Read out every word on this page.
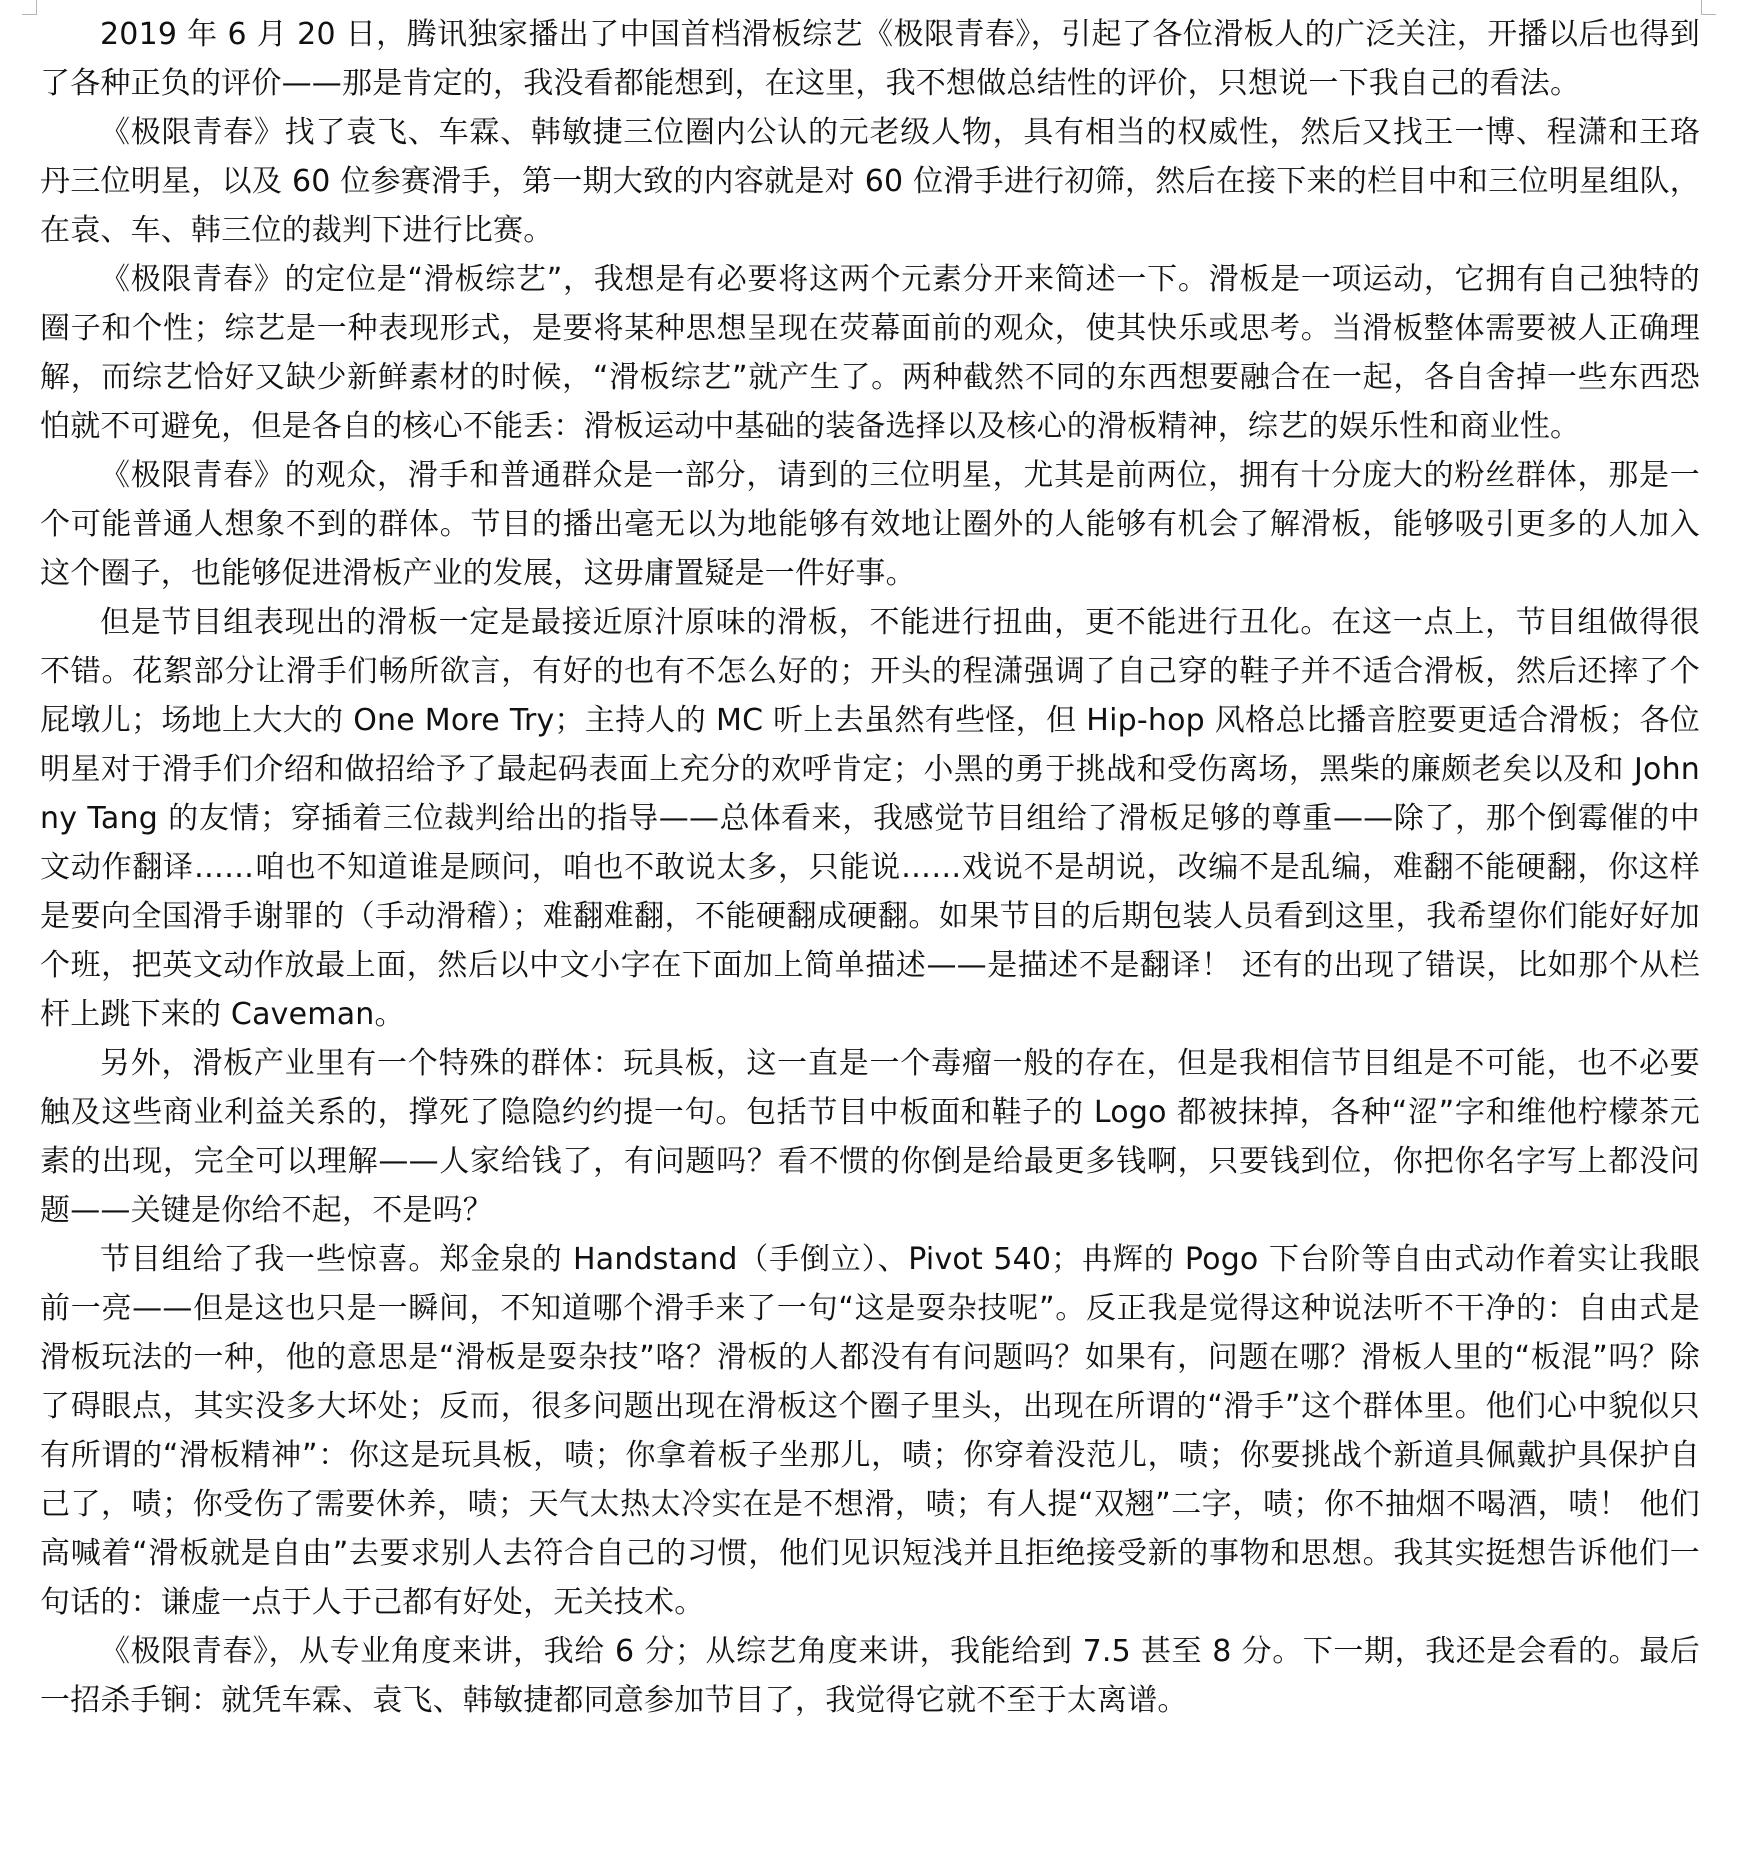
2019 年 6 月 20 日，腾讯独家播出了中国首档滑板综艺《极限青春》，引起了各位滑板人的广泛关注，开播以后也得到了各种正负的评价——那是肯定的，我没看都能想到，在这里，我不想做总结性的评价，只想说一下我自己的看法。

《极限青春》找了袁飞、车霖、韩敏捷三位圈内公认的元老级人物，具有相当的权威性，然后又找王一博、程潇和王珞丹三位明星，以及 60 位参赛滑手，第一期大致的内容就是对 60 位滑手进行初筛，然后在接下来的栏目中和三位明星组队，在袁、车、韩三位的裁判下进行比赛。

《极限青春》的定位是“滑板综艺”，我想是有必要将这两个元素分开来简述一下。滑板是一项运动，它拥有自己独特的圈子和个性；综艺是一种表现形式，是要将某种思想呈现在荧幕面前的观众，使其快乐或思考。当滑板整体需要被人正确理解，而综艺恰好又缺少新鲜素材的时候，“滑板综艺”就产生了。两种截然不同的东西想要融合在一起，各自舍掉一些东西恐怕就不可避免，但是各自的核心不能丢：滑板运动中基础的装备选择以及核心的滑板精神，综艺的娱乐性和商业性。

《极限青春》的观众，滑手和普通群众是一部分，请到的三位明星，尤其是前两位，拥有十分庞大的粉丝群体，那是一个可能普通人想象不到的群体。节目的播出毫无以为地能够有效地让圈外的人能够有机会了解滑板，能够吸引更多的人加入这个圈子，也能够促进滑板产业的发展，这毋庸置疑是一件好事。

但是节目组表现出的滑板一定是最接近原汁原味的滑板，不能进行扭曲，更不能进行丑化。在这一点上，节目组做得很不错。花絮部分让滑手们畅所欲言，有好的也有不怎么好的；开头的程潇强调了自己穿的鞋子并不适合滑板，然后还摔了个屁墩儿；场地上大大的 One More Try；主持人的 MC 听上去虽然有些怪，但 Hip-hop 风格总比播音腔要更适合滑板；各位明星对于滑手们介绍和做招给予了最起码表面上充分的欢呼肯定；小黑的勇于挑战和受伤离场，黑柴的廉颇老矣以及和 Johnny Tang 的友情；穿插着三位裁判给出的指导——总体看来，我感觉节目组给了滑板足够的尊重——除了，那个倒霉催的中文动作翻译……咱也不知道谁是顾问，咱也不敢说太多，只能说……戏说不是胡说，改编不是乱编，难翻不能硬翻，你这样是要向全国滑手谢罪的（手动滑稽）；难翻难翻，不能硬翻成硬翻。如果节目的后期包装人员看到这里，我希望你们能好好加个班，把英文动作放最上面，然后以中文小字在下面加上简单描述——是描述不是翻译！ 还有的出现了错误，比如那个从栏杆上跳下来的 Caveman。

另外，滑板产业里有一个特殊的群体：玩具板，这一直是一个毒瘤一般的存在，但是我相信节目组是不可能，也不必要触及这些商业利益关系的，撑死了隐隐约约提一句。包括节目中板面和鞋子的 Logo 都被抹掉，各种“涩”字和维他柠檬茶元素的出现，完全可以理解——人家给钱了，有问题吗？看不惯的你倒是给最更多钱啊，只要钱到位，你把你名字写上都没问题——关键是你给不起，不是吗？

节目组给了我一些惊喜。郑金泉的 Handstand（手倒立）、Pivot 540；冉辉的 Pogo 下台阶等自由式动作着实让我眼前一亮——但是这也只是一瞬间，不知道哪个滑手来了一句“这是耍杂技呢”。反正我是觉得这种说法听不干净的：自由式是滑板玩法的一种，他的意思是“滑板是耍杂技”咯？滑板的人都没有有问题吗？如果有，问题在哪？滑板人里的“板混”吗？除了碍眼点，其实没多大坏处；反而，很多问题出现在滑板这个圈子里头，出现在所谓的“滑手”这个群体里。他们心中貌似只有所谓的“滑板精神”：你这是玩具板，啧；你拿着板子坐那儿，啧；你穿着没范儿，啧；你要挑战个新道具佩戴护具保护自己了，啧；你受伤了需要休养，啧；天气太热太冷实在是不想滑，啧；有人提“双翘”二字，啧；你不抽烟不喝酒，啧！ 他们高喊着“滑板就是自由”去要求别人去符合自己的习惯，他们见识短浅并且拒绝接受新的事物和思想。我其实挺想告诉他们一句话的：谦虚一点于人于己都有好处，无关技术。

《极限青春》，从专业角度来讲，我给 6 分；从综艺角度来讲，我能给到 7.5 甚至 8 分。下一期，我还是会看的。最后一招杀手锏：就凭车霖、袁飞、韩敏捷都同意参加节目了，我觉得它就不至于太离谱。
